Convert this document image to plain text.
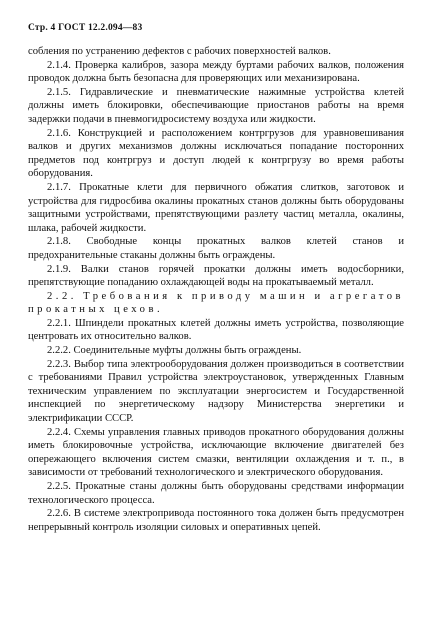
Стр. 4 ГОСТ 12.2.094—83

собления по устранению дефектов с рабочих поверхностей валков.

2.1.4. Проверка калибров, зазора между буртами рабочих валков, положения проводок должна быть безопасна для проверяющих или механизирована.

2.1.5. Гидравлические и пневматические нажимные устройства клетей должны иметь блокировки, обеспечивающие приостанов работы на время задержки подачи в пневмогидросистему воздуха или жидкости.

2.1.6. Конструкцией и расположением контргрузов для уравновешивания валков и других механизмов должны исключаться попадание посторонних предметов под контргруз и доступ людей к контргрузу во время работы оборудования.

2.1.7. Прокатные клети для первичного обжатия слитков, заготовок и устройства для гидросбива окалины прокатных станов должны быть оборудованы защитными устройствами, препятствующими разлету частиц металла, окалины, шлака, рабочей жидкости.

2.1.8. Свободные концы прокатных валков клетей станов и предохранительные стаканы должны быть ограждены.

2.1.9. Валки станов горячей прокатки должны иметь водосборники, препятствующие попаданию охлаждающей воды на прокатываемый металл.

2.2. Требования к приводу машин и агрегатов прокатных цехов.

2.2.1. Шпиндели прокатных клетей должны иметь устройства, позволяющие центровать их относительно валков.

2.2.2. Соединительные муфты должны быть ограждены.

2.2.3. Выбор типа электрооборудования должен производиться в соответствии с требованиями Правил устройства электроустановок, утвержденных Главным техническим управлением по эксплуатации энергосистем и Государственной инспекцией по энергетическому надзору Министерства энергетики и электрификации СССР.

2.2.4. Схемы управления главных приводов прокатного оборудования должны иметь блокировочные устройства, исключающие включение двигателей без опережающего включения систем смазки, вентиляции охлаждения и т. п., в зависимости от требований технологического и электрического оборудования.

2.2.5. Прокатные станы должны быть оборудованы средствами информации технологического процесса.

2.2.6. В системе электропривода постоянного тока должен быть предусмотрен непрерывный контроль изоляции силовых и оперативных цепей.
